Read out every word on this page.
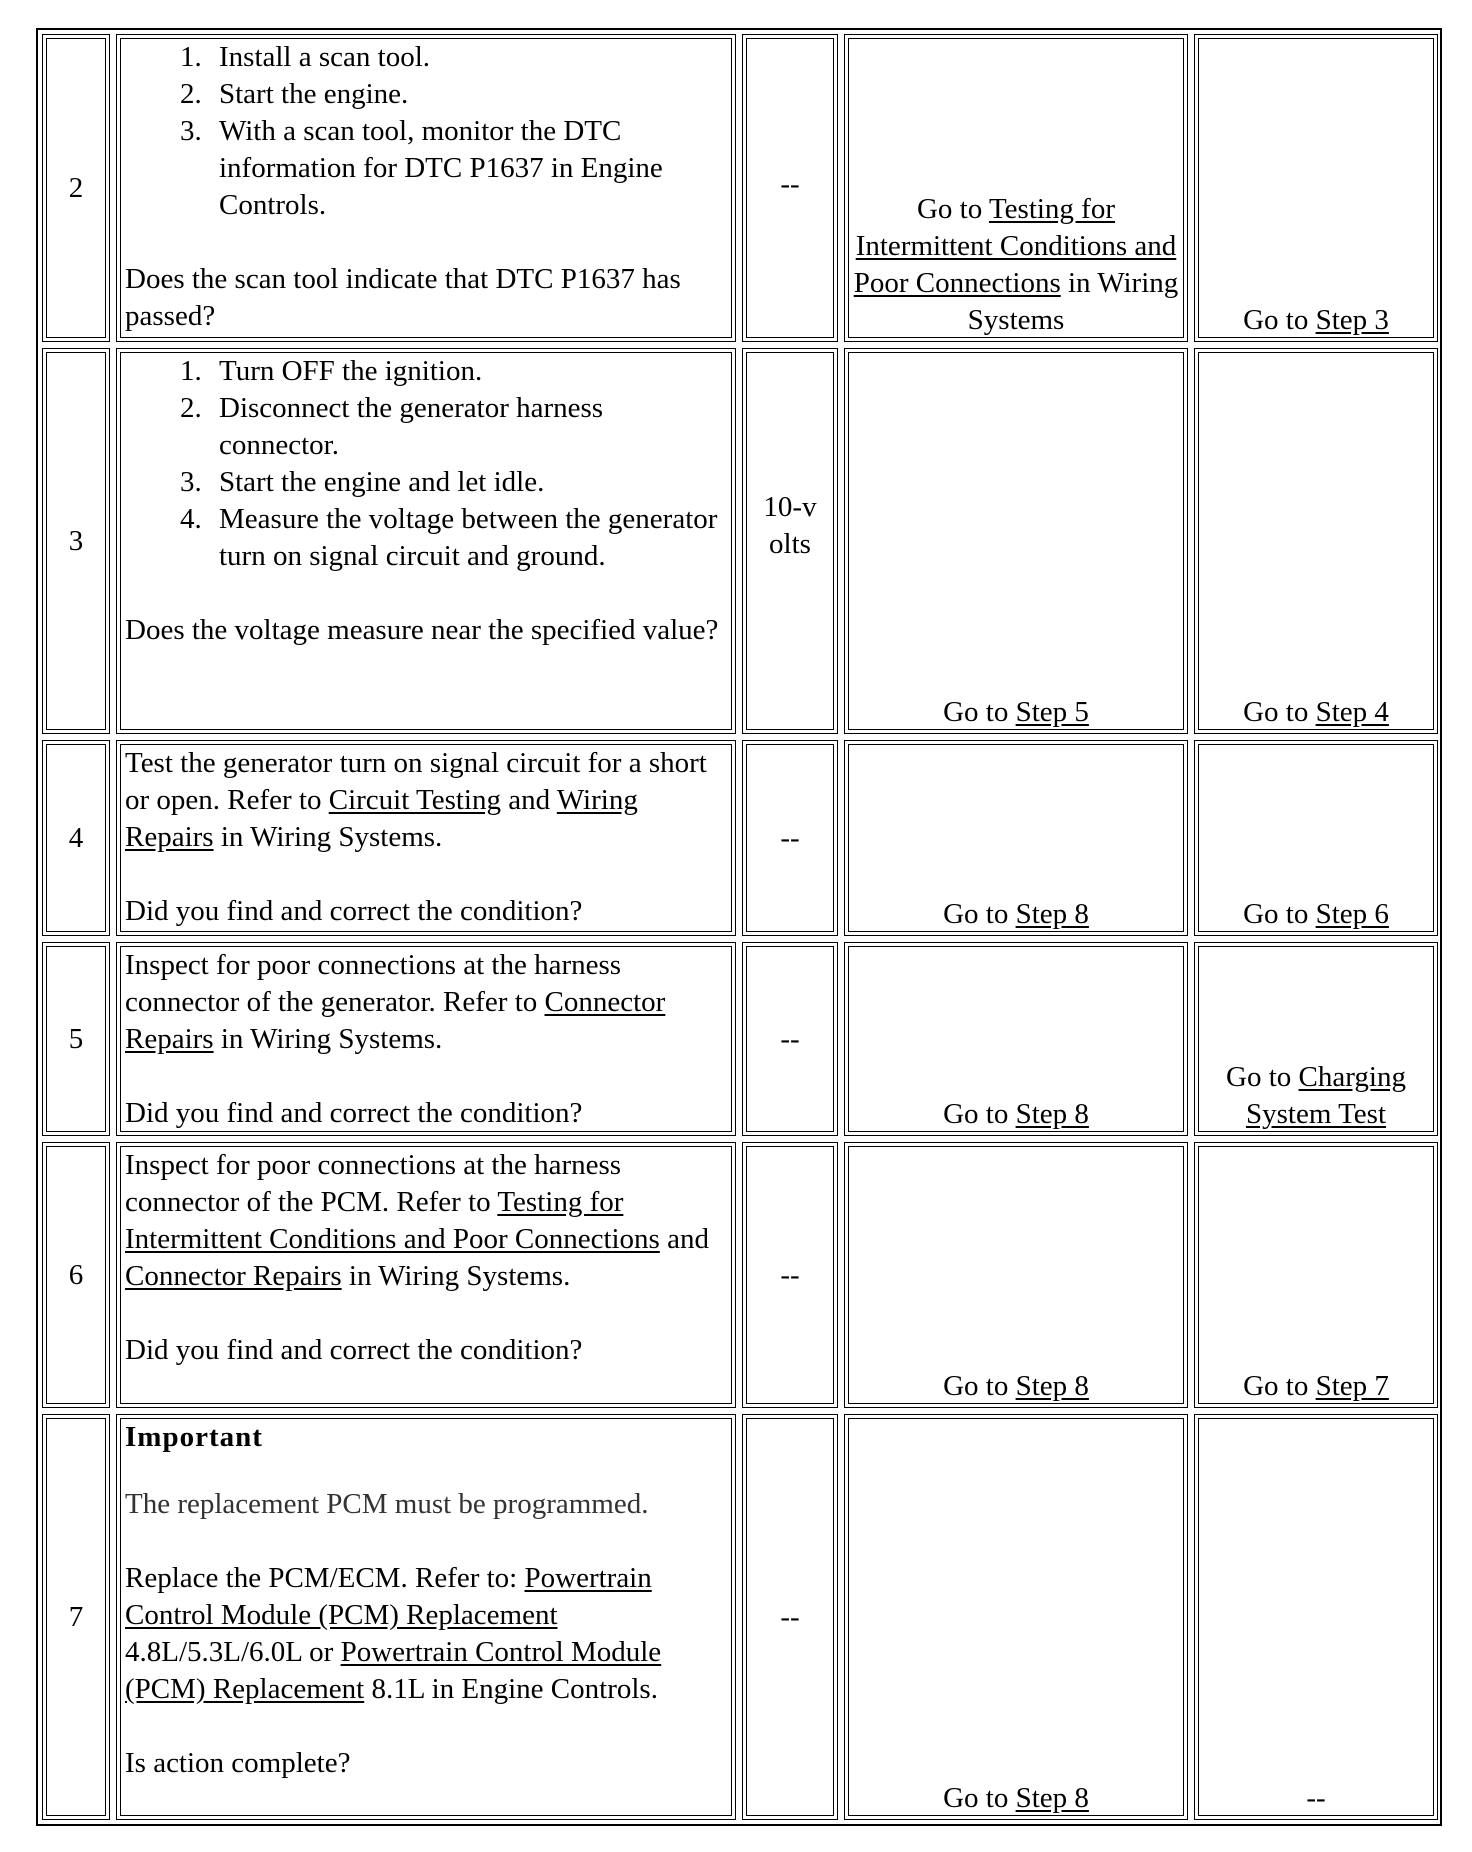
2
1. Install a scan tool.
2. Start the engine.
3. With a scan tool, monitor the DTC information for DTC P1637 in Engine Controls.

Does the scan tool indicate that DTC P1637 has passed?

--
Go to Testing for Intermittent Conditions and Poor Connections in Wiring Systems	Go to Step 3
3
1. Turn OFF the ignition.
2. Disconnect the generator harness connector.
3. Start the engine and let idle.
4. Measure the voltage between the generator turn on signal circuit and ground.

Does the voltage measure near the specified value?

10-volts
Go to Step 5	Go to Step 4
4

Test the generator turn on signal circuit for a short or open. Refer to Circuit Testing and Wiring Repairs in Wiring Systems.

Did you find and correct the condition?

--
Go to Step 8	Go to Step 6
5

Inspect for poor connections at the harness connector of the generator. Refer to Connector Repairs in Wiring Systems.

Did you find and correct the condition?

--
Go to Step 8
Go to Charging System Test
6

Inspect for poor connections at the harness connector of the PCM. Refer to Testing for Intermittent Conditions and Poor Connections and Connector Repairs in Wiring Systems.

Did you find and correct the condition?

--
Go to Step 8	Go to Step 7
7

Important

The replacement PCM must be programmed.

Replace the PCM/ECM. Refer to: Powertrain Control Module (PCM) Replacement 4.8L/5.3L/6.0L or Powertrain Control Module (PCM) Replacement 8.1L in Engine Controls.

Is action complete?

--
Go to Step 8	--
